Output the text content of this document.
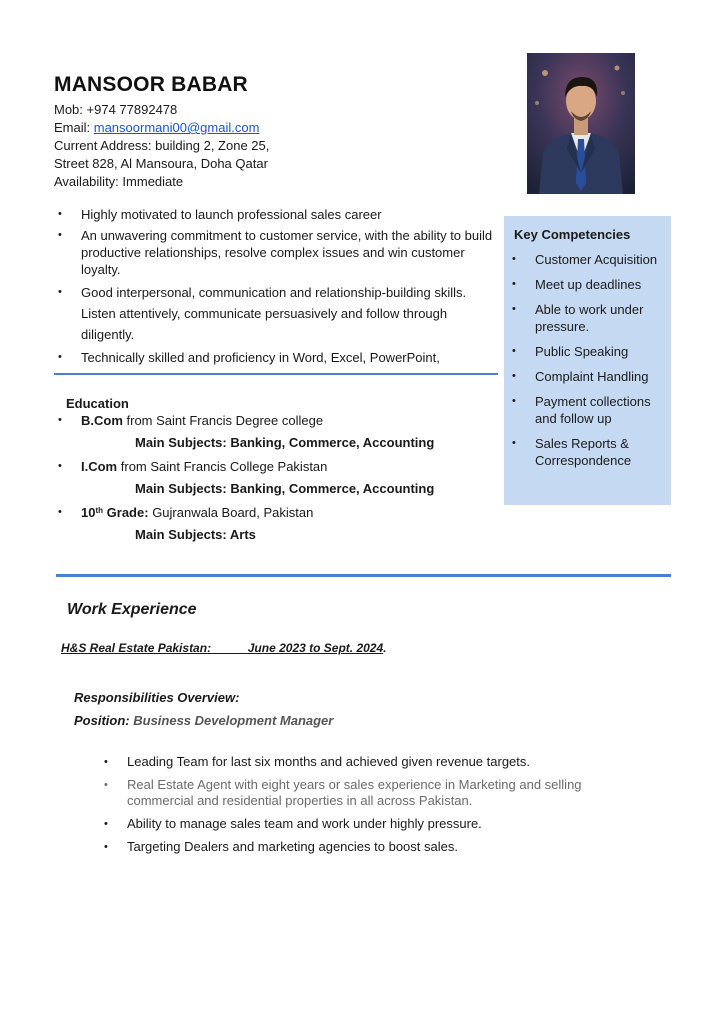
MANSOOR BABAR
Mob: +974 77892478
Email: mansoormani00@gmail.com
Current Address: building 2, Zone 25,
Street 828, Al Mansoura, Doha Qatar
Availability: Immediate
• Highly motivated to launch professional sales career
• An unwavering commitment to customer service, with the ability to build productive relationships, resolve complex issues and win customer loyalty.
• Good interpersonal, communication and relationship-building skills. Listen attentively, communicate persuasively and follow through diligently.
• Technically skilled and proficiency in Word, Excel, PowerPoint,
Key Competencies
• Customer Acquisition
• Meet up deadlines
• Able to work under pressure.
• Public Speaking
• Complaint Handling
• Payment collections and follow up
• Sales Reports & Correspondence
Education
• B.Com from Saint Francis Degree college
Main Subjects: Banking, Commerce, Accounting
• I.Com from Saint Francis College Pakistan
Main Subjects: Banking, Commerce, Accounting
• 10th Grade: Gujranwala Board, Pakistan
Main Subjects: Arts
Work Experience
H&S Real Estate Pakistan:	June 2023 to Sept. 2024.
Responsibilities Overview:
Position: Business Development Manager
• Leading Team for last six months and achieved given revenue targets.
• Real Estate Agent with eight years or sales experience in Marketing and selling commercial and residential properties in all across Pakistan.
• Ability to manage sales team and work under highly pressure.
• Targeting Dealers and marketing agencies to boost sales.
